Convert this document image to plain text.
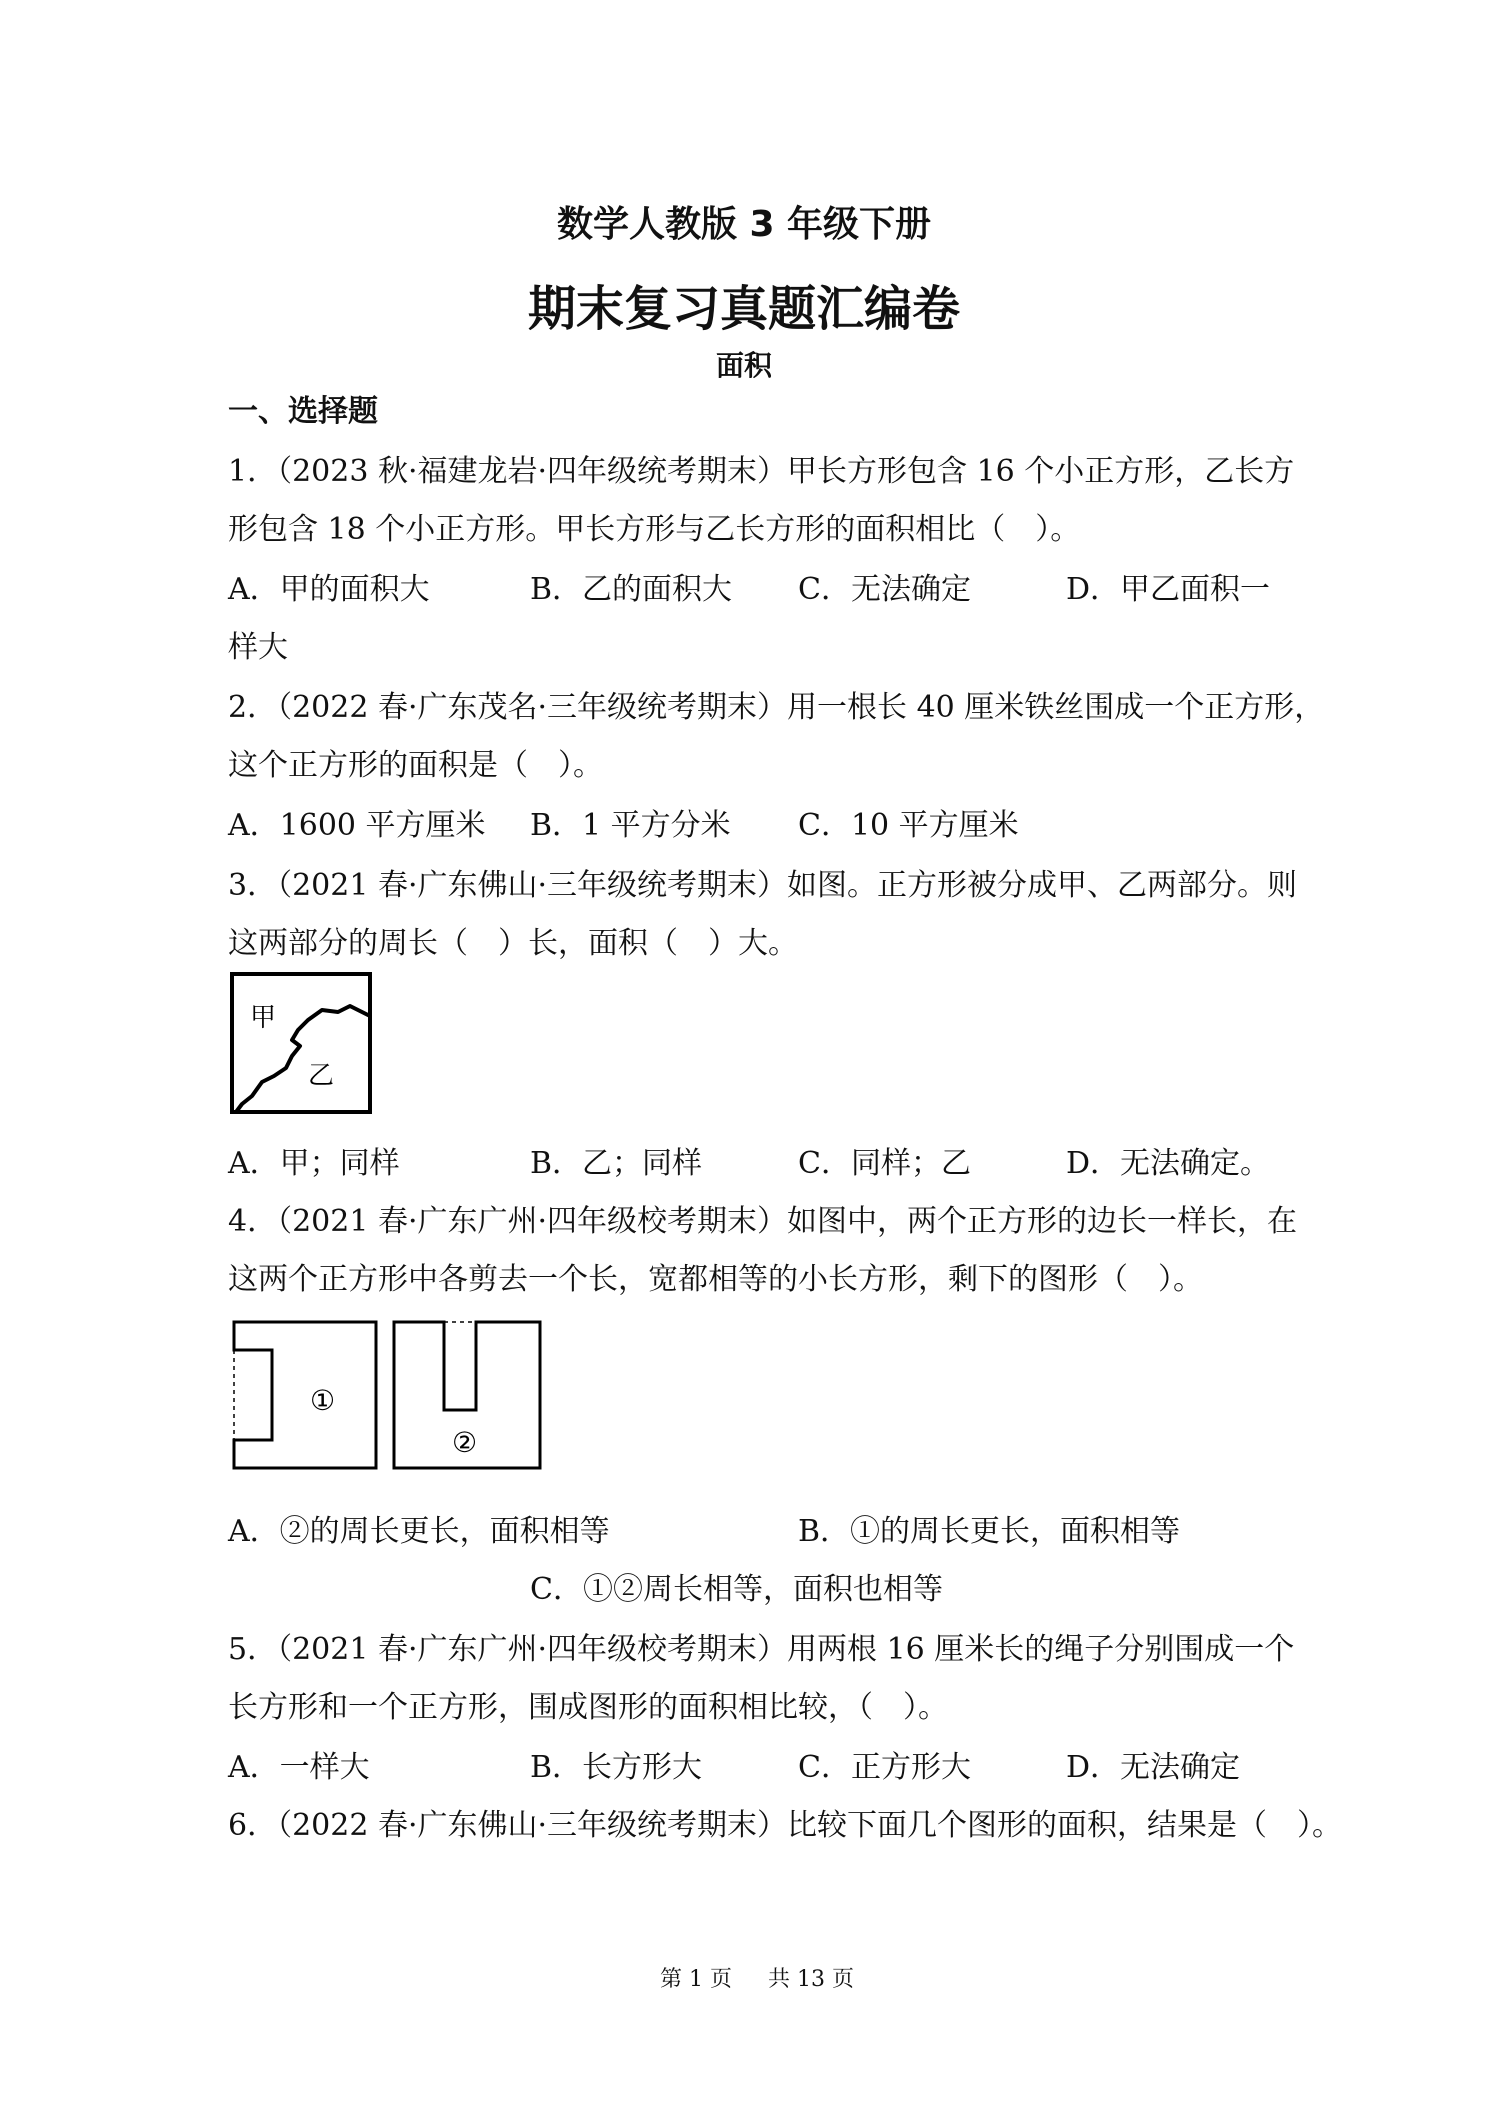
数学人教版 3 年级下册
期末复习真题汇编卷
面积
一、选择题
1．（2023 秋·福建龙岩·四年级统考期末）甲长方形包含 16 个小正方形，乙长方
形包含 18 个小正方形。甲长方形与乙长方形的面积相比（　）。
A．甲的面积大	B．乙的面积大 C．无法确定	D．甲乙面积一
样大
2．（2022 春·广东茂名·三年级统考期末）用一根长 40 厘米铁丝围成一个正方形，
这个正方形的面积是（　）。
A．1600 平方厘米 B．1 平方分米 C．10 平方厘米
3．（2021 春·广东佛山·三年级统考期末）如图。正方形被分成甲、乙两部分。则
这两部分的周长（　）长，面积（　）大。
甲
乙
A．甲；同样	B．乙；同样	C．同样；乙	D．无法确定。
4．（2021 春·广东广州·四年级校考期末）如图中，两个正方形的边长一样长，在
这两个正方形中各剪去一个长，宽都相等的小长方形，剩下的图形（　）。
①
②
A．②的周长更长，面积相等	B．①的周长更长，面积相等
C．①②周长相等，面积也相等
5．（2021 春·广东广州·四年级校考期末）用两根 16 厘米长的绳子分别围成一个
长方形和一个正方形，围成图形的面积相比较，（　）。
A．一样大	B．长方形大	C．正方形大	D．无法确定
6．（2022 春·广东佛山·三年级统考期末）比较下面几个图形的面积，结果是（　）。
第 1 页 共 13 页
